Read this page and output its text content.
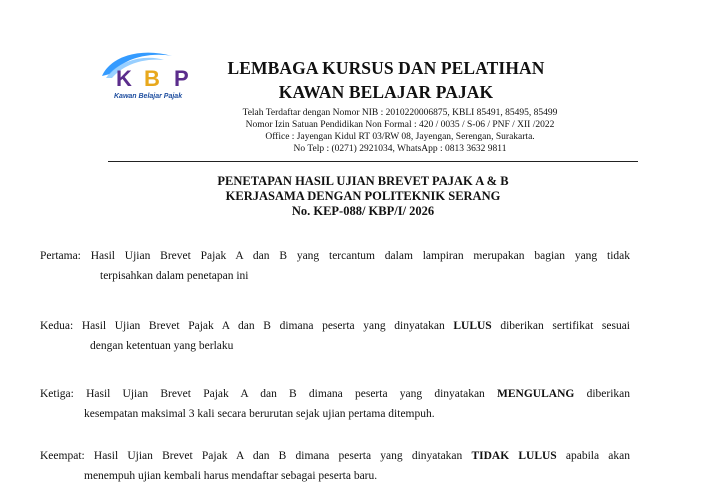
K B P
Kawan Belajar Pajak
LEMBAGA KURSUS DAN PELATIHAN
KAWAN BELAJAR PAJAK
Telah Terdaftar dengan Nomor NIB : 2010220006875, KBLI 85491, 85495, 85499
Nomor Izin Satuan Pendidikan Non Formal : 420 / 0035 / S-06 / PNF / XII /2022
Office : Jayengan Kidul RT 03/RW 08, Jayengan, Serengan, Surakarta.
No Telp : (0271) 2921034, WhatsApp : 0813 3632 9811
PENETAPAN HASIL UJIAN BREVET PAJAK A & B
KERJASAMA DENGAN POLITEKNIK SERANG
No. KEP-088/ KBP/I/ 2026
Pertama: Hasil Ujian Brevet Pajak A dan B yang tercantum dalam lampiran merupakan bagian yang tidak
terpisahkan dalam penetapan ini
Kedua: Hasil Ujian Brevet Pajak A dan B dimana peserta yang dinyatakan LULUS diberikan sertifikat sesuai
dengan ketentuan yang berlaku
Ketiga: Hasil Ujian Brevet Pajak A dan B dimana peserta yang dinyatakan MENGULANG diberikan
kesempatan maksimal 3 kali secara berurutan sejak ujian pertama ditempuh.
Keempat: Hasil Ujian Brevet Pajak A dan B dimana peserta yang dinyatakan TIDAK LULUS apabila akan
menempuh ujian kembali harus mendaftar sebagai peserta baru.
